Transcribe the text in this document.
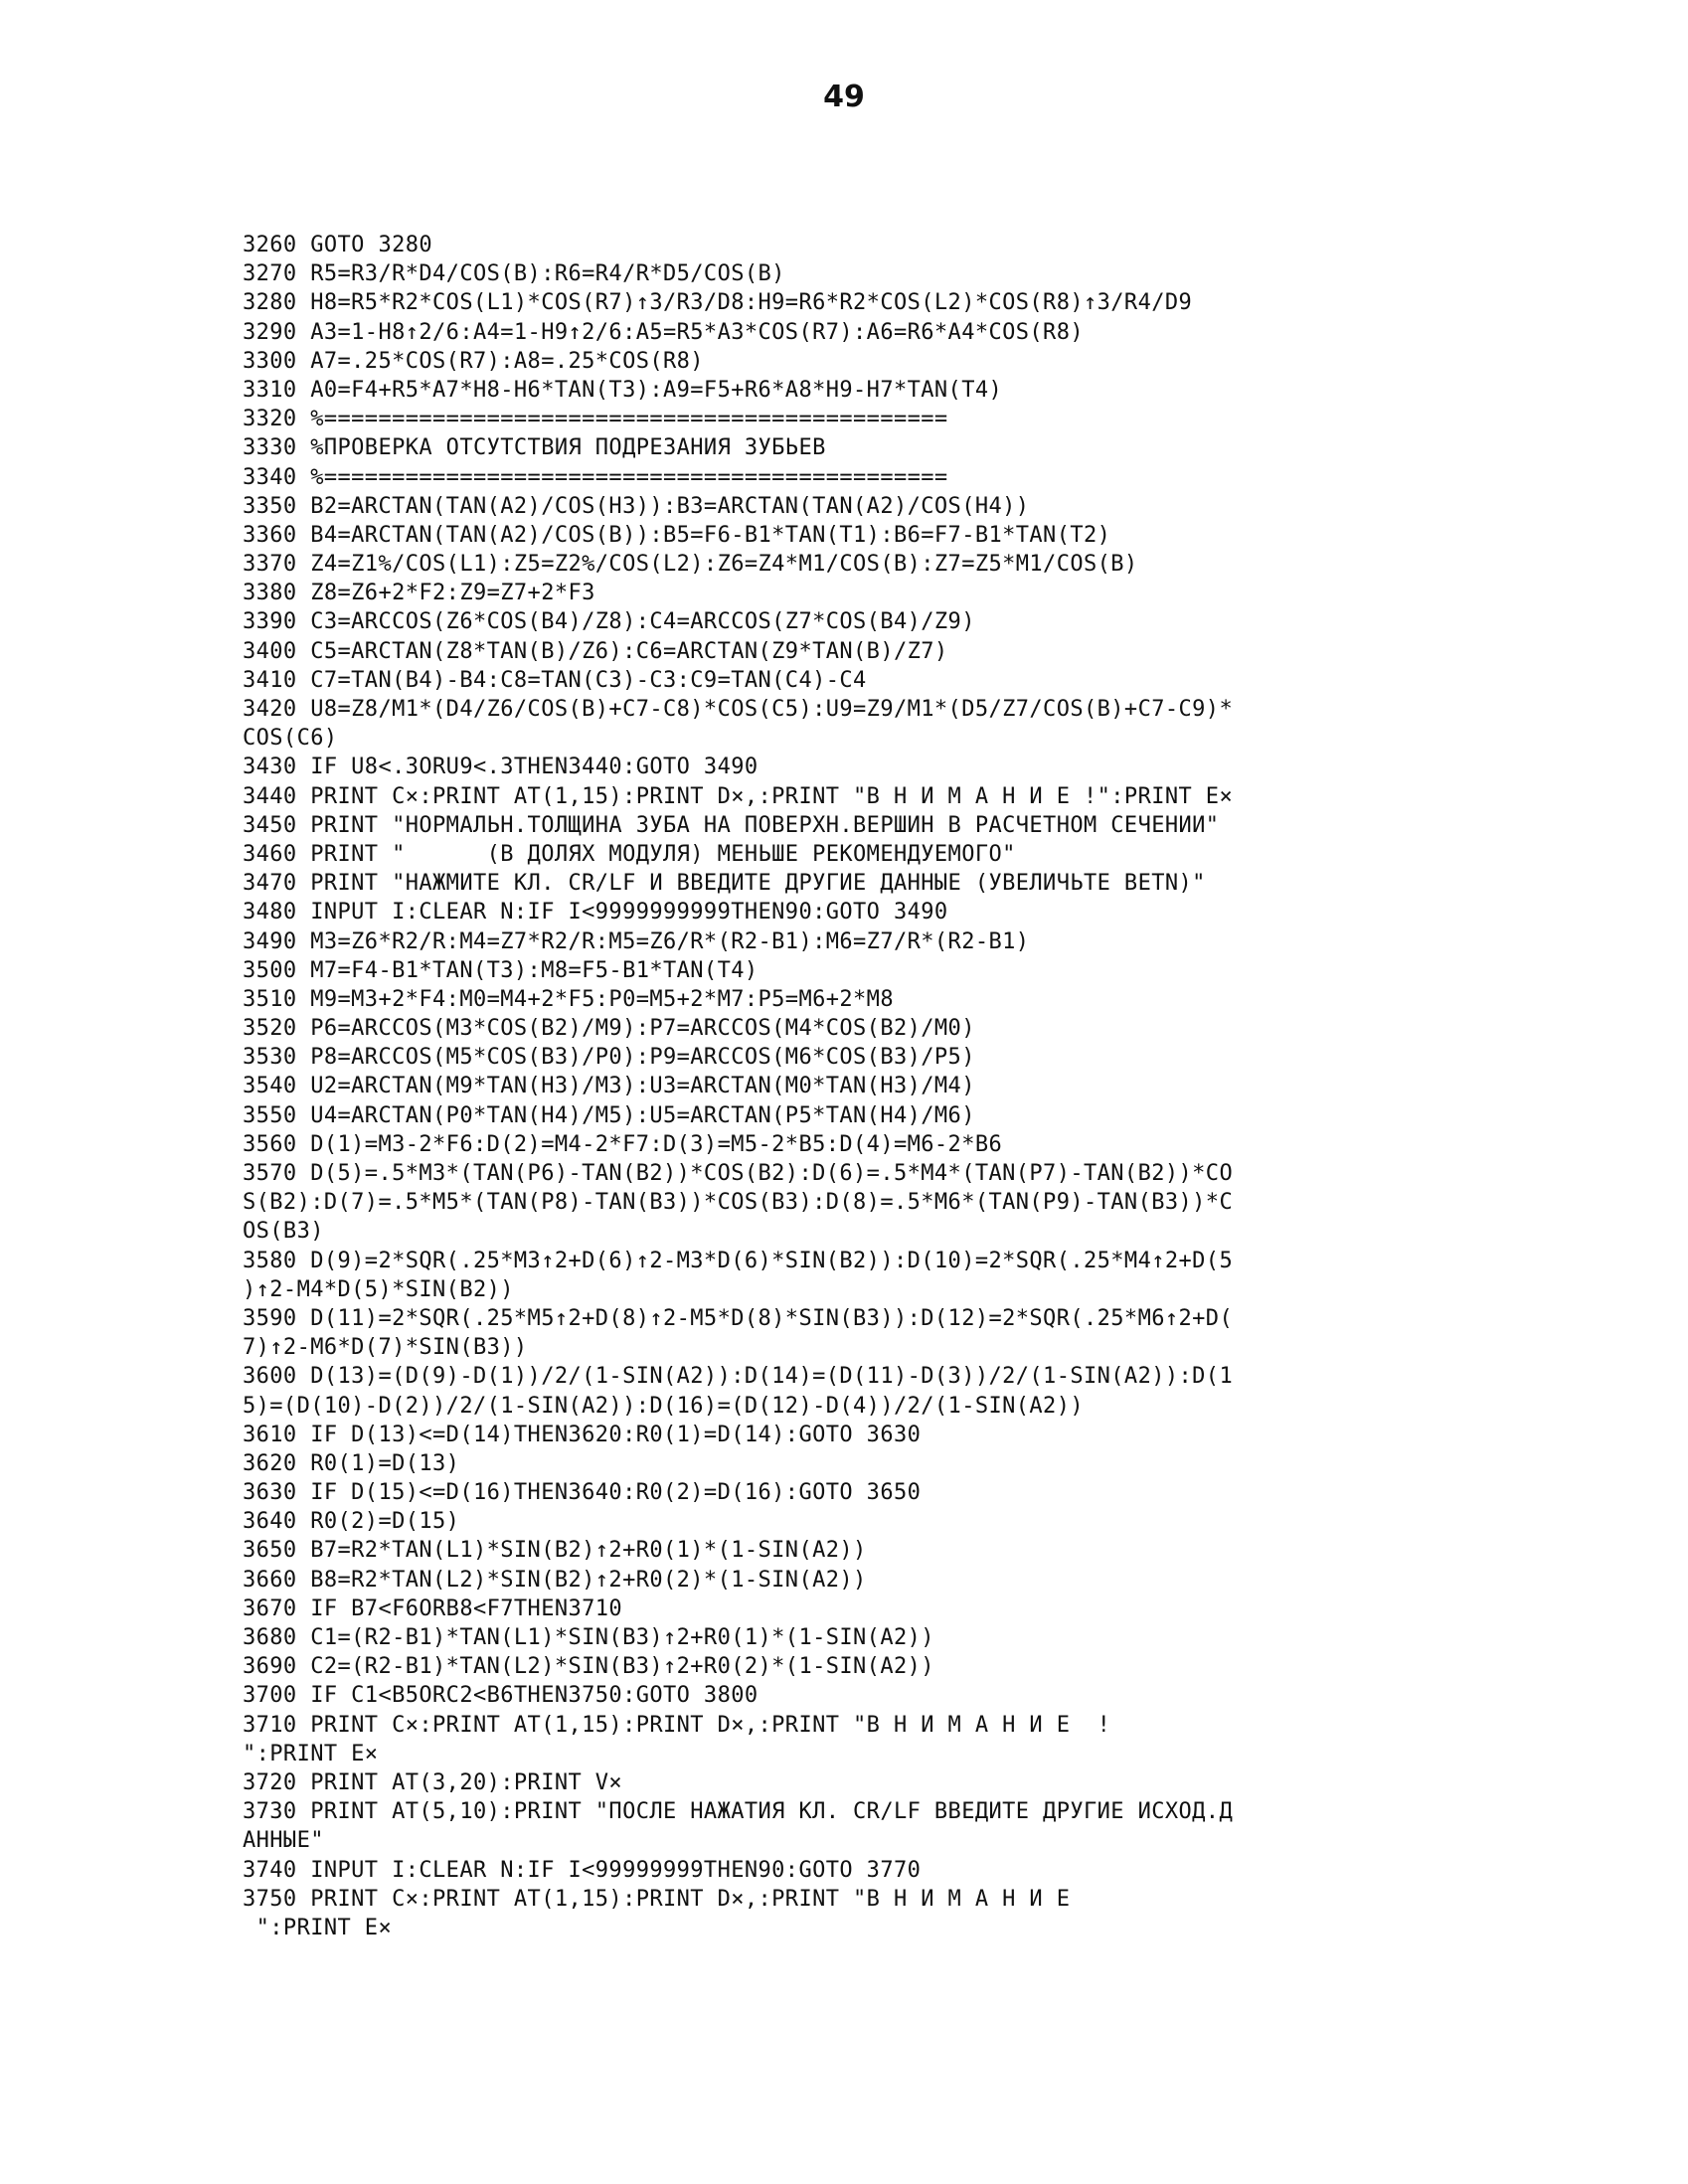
49
3260 GOTO 3280
3270 R5=R3/R*D4/COS(B):R6=R4/R*D5/COS(B)
3280 H8=R5*R2*COS(L1)*COS(R7)↑3/R3/D8:H9=R6*R2*COS(L2)*COS(R8)↑3/R4/D9
3290 A3=1-H8↑2/6:A4=1-H9↑2/6:A5=R5*A3*COS(R7):A6=R6*A4*COS(R8)
3300 A7=.25*COS(R7):A8=.25*COS(R8)
3310 A0=F4+R5*A7*H8-H6*TAN(T3):A9=F5+R6*A8*H9-H7*TAN(T4)
3320 %==============================================
3330 %ПРОВЕРКА ОТСУТСТВИЯ ПОДРЕЗАНИЯ ЗУБЬЕВ
3340 %==============================================
3350 B2=ARCTAN(TAN(A2)/COS(H3)):B3=ARCTAN(TAN(A2)/COS(H4))
3360 B4=ARCTAN(TAN(A2)/COS(B)):B5=F6-B1*TAN(T1):B6=F7-B1*TAN(T2)
3370 Z4=Z1%/COS(L1):Z5=Z2%/COS(L2):Z6=Z4*M1/COS(B):Z7=Z5*M1/COS(B)
3380 Z8=Z6+2*F2:Z9=Z7+2*F3
3390 C3=ARCCOS(Z6*COS(B4)/Z8):C4=ARCCOS(Z7*COS(B4)/Z9)
3400 C5=ARCTAN(Z8*TAN(B)/Z6):C6=ARCTAN(Z9*TAN(B)/Z7)
3410 C7=TAN(B4)-B4:C8=TAN(C3)-C3:C9=TAN(C4)-C4
3420 U8=Z8/M1*(D4/Z6/COS(B)+C7-C8)*COS(C5):U9=Z9/M1*(D5/Z7/COS(B)+C7-C9)*
COS(C6)
3430 IF U8<.3ORU9<.3THEN3440:GOTO 3490
3440 PRINT C×:PRINT AT(1,15):PRINT D×,:PRINT "В Н И М А Н И Е !":PRINT E×
3450 PRINT "НОРМАЛЬН.ТОЛЩИНА ЗУБА НА ПОВЕРХН.ВЕРШИН В РАСЧЕТНОМ СЕЧЕНИИ"
3460 PRINT "      (В ДОЛЯХ МОДУЛЯ) МЕНЬШЕ РЕКОМЕНДУЕМОГО"
3470 PRINT "НАЖМИТЕ КЛ. CR/LF И ВВЕДИТЕ ДРУГИЕ ДАННЫЕ (УВЕЛИЧЬТЕ BETN)"
3480 INPUT I:CLEAR N:IF I<9999999999THEN90:GOTO 3490
3490 M3=Z6*R2/R:M4=Z7*R2/R:M5=Z6/R*(R2-B1):M6=Z7/R*(R2-B1)
3500 M7=F4-B1*TAN(T3):M8=F5-B1*TAN(T4)
3510 M9=M3+2*F4:M0=M4+2*F5:P0=M5+2*M7:P5=M6+2*M8
3520 P6=ARCCOS(M3*COS(B2)/M9):P7=ARCCOS(M4*COS(B2)/M0)
3530 P8=ARCCOS(M5*COS(B3)/P0):P9=ARCCOS(M6*COS(B3)/P5)
3540 U2=ARCTAN(M9*TAN(H3)/M3):U3=ARCTAN(M0*TAN(H3)/M4)
3550 U4=ARCTAN(P0*TAN(H4)/M5):U5=ARCTAN(P5*TAN(H4)/M6)
3560 D(1)=M3-2*F6:D(2)=M4-2*F7:D(3)=M5-2*B5:D(4)=M6-2*B6
3570 D(5)=.5*M3*(TAN(P6)-TAN(B2))*COS(B2):D(6)=.5*M4*(TAN(P7)-TAN(B2))*CO
S(B2):D(7)=.5*M5*(TAN(P8)-TAN(B3))*COS(B3):D(8)=.5*M6*(TAN(P9)-TAN(B3))*C
OS(B3)
3580 D(9)=2*SQR(.25*M3↑2+D(6)↑2-M3*D(6)*SIN(B2)):D(10)=2*SQR(.25*M4↑2+D(5
)↑2-M4*D(5)*SIN(B2))
3590 D(11)=2*SQR(.25*M5↑2+D(8)↑2-M5*D(8)*SIN(B3)):D(12)=2*SQR(.25*M6↑2+D(
7)↑2-M6*D(7)*SIN(B3))
3600 D(13)=(D(9)-D(1))/2/(1-SIN(A2)):D(14)=(D(11)-D(3))/2/(1-SIN(A2)):D(1
5)=(D(10)-D(2))/2/(1-SIN(A2)):D(16)=(D(12)-D(4))/2/(1-SIN(A2))
3610 IF D(13)<=D(14)THEN3620:R0(1)=D(14):GOTO 3630
3620 R0(1)=D(13)
3630 IF D(15)<=D(16)THEN3640:R0(2)=D(16):GOTO 3650
3640 R0(2)=D(15)
3650 B7=R2*TAN(L1)*SIN(B2)↑2+R0(1)*(1-SIN(A2))
3660 B8=R2*TAN(L2)*SIN(B2)↑2+R0(2)*(1-SIN(A2))
3670 IF B7<F6ORB8<F7THEN3710
3680 C1=(R2-B1)*TAN(L1)*SIN(B3)↑2+R0(1)*(1-SIN(A2))
3690 C2=(R2-B1)*TAN(L2)*SIN(B3)↑2+R0(2)*(1-SIN(A2))
3700 IF C1<B5ORC2<B6THEN3750:GOTO 3800
3710 PRINT C×:PRINT AT(1,15):PRINT D×,:PRINT "В Н И М А Н И Е  !
":PRINT E×
3720 PRINT AT(3,20):PRINT V×
3730 PRINT AT(5,10):PRINT "ПОСЛЕ НАЖАТИЯ КЛ. CR/LF ВВЕДИТЕ ДРУГИЕ ИСХОД.Д
АННЫЕ"
3740 INPUT I:CLEAR N:IF I<99999999THEN90:GOTO 3770
3750 PRINT C×:PRINT AT(1,15):PRINT D×,:PRINT "В Н И М А Н И Е
":PRINT E×
